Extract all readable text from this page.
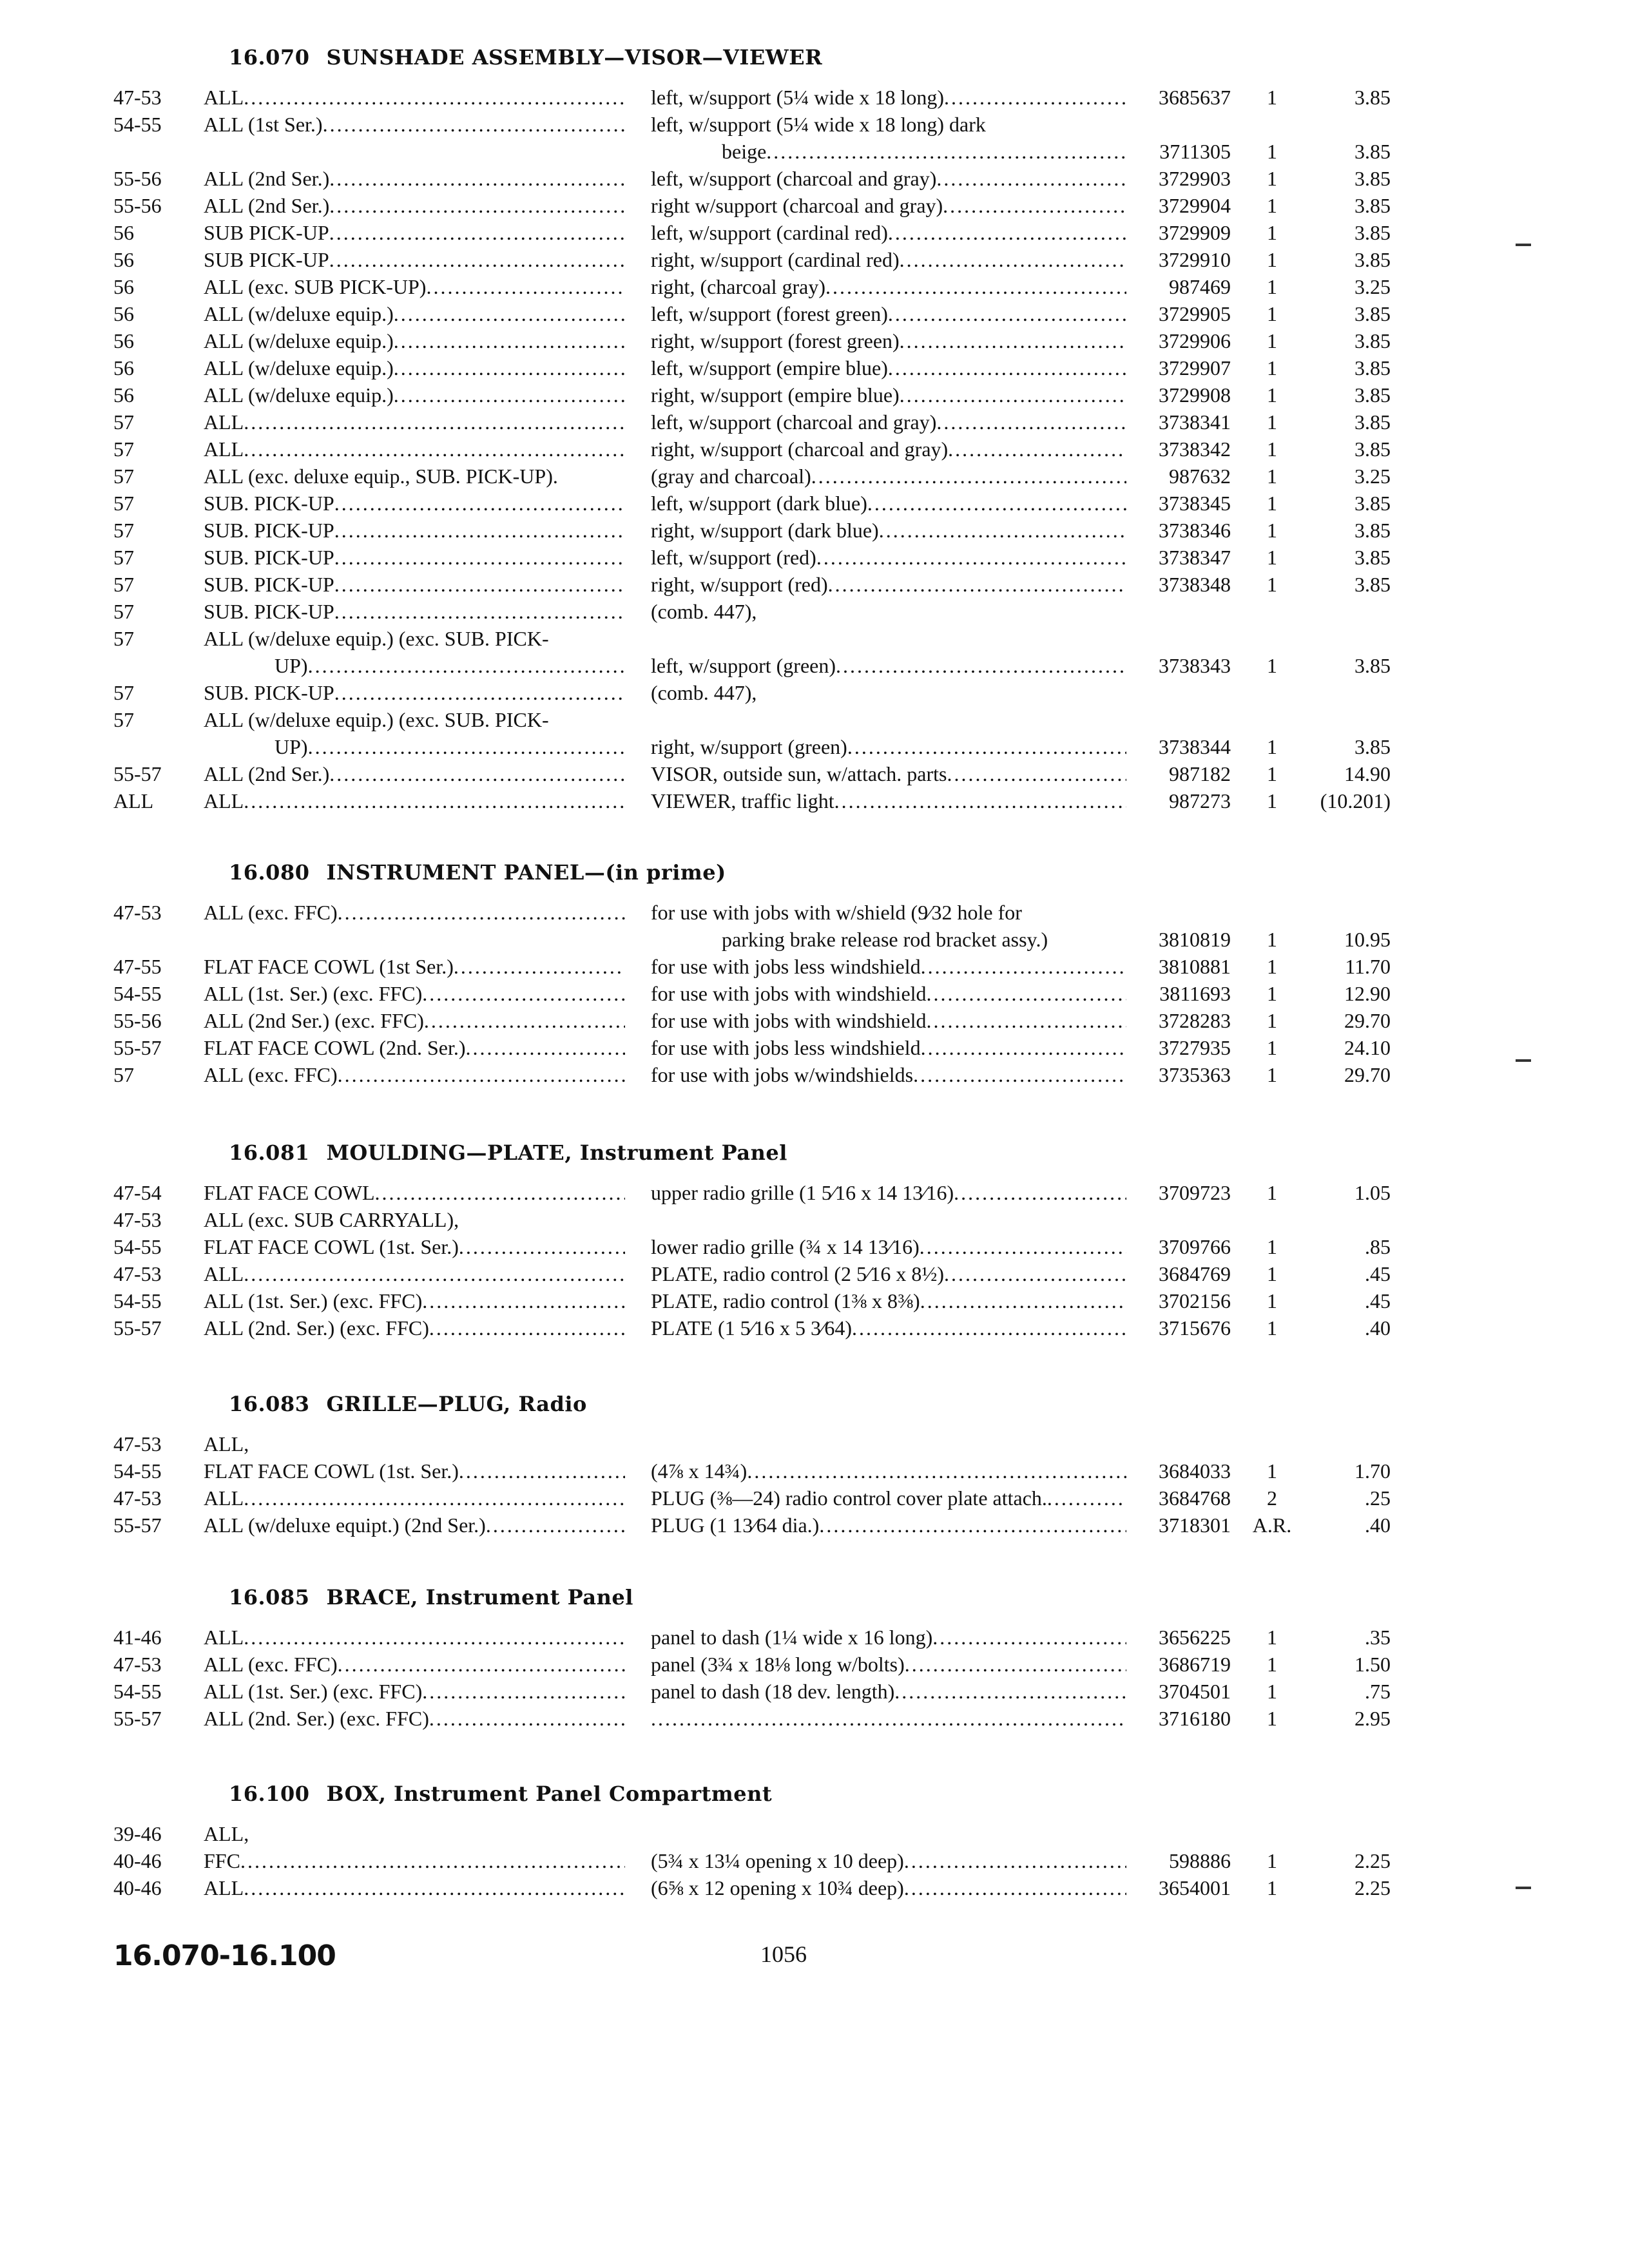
16.070 SUNSHADE ASSEMBLY—VISOR—VIEWER
47-53	ALL
.....	left, w/support (5¼ wide x 18 long)
.....	3685637	1	3.85
54-55	ALL (1st Ser.)
.....	left, w/support (5¼ wide x 18 long) dark
beige
.....	3711305	1	3.85
55-56	ALL (2nd Ser.)
.....	left, w/support (charcoal and gray)
.....	3729903	1	3.85
55-56	ALL (2nd Ser.)
.....	right w/support (charcoal and gray)
.....	3729904	1	3.85
56	SUB PICK-UP
.....	left, w/support (cardinal red)
.....	3729909	1	3.85
56	SUB PICK-UP
.....	right, w/support (cardinal red)
.....	3729910	1	3.85
56	ALL (exc. SUB PICK-UP)
.....	right, (charcoal gray)
.....	987469	1	3.25
56	ALL (w/deluxe equip.)
.....	left, w/support (forest green)
.....	3729905	1	3.85
56	ALL (w/deluxe equip.)
.....	right, w/support (forest green)
.....	3729906	1	3.85
56	ALL (w/deluxe equip.)
.....	left, w/support (empire blue)
.....	3729907	1	3.85
56	ALL (w/deluxe equip.)
.....	right, w/support (empire blue)
.....	3729908	1	3.85
57	ALL
.....	left, w/support (charcoal and gray)
.....	3738341	1	3.85
57	ALL
.....	right, w/support (charcoal and gray)
.....	3738342	1	3.85
57	ALL (exc. deluxe equip., SUB. PICK-UP).	(gray and charcoal)
.....	987632	1	3.25
57	SUB. PICK-UP
.....	left, w/support (dark blue)
.....	3738345	1	3.85
57	SUB. PICK-UP
.....	right, w/support (dark blue)
.....	3738346	1	3.85
57	SUB. PICK-UP
.....	left, w/support (red)
.....	3738347	1	3.85
57	SUB. PICK-UP
.....	right, w/support (red)
.....	3738348	1	3.85
57	SUB. PICK-UP
.....	(comb. 447),
57	ALL (w/deluxe equip.) (exc. SUB. PICK-
UP)
.....	left, w/support (green)
.....	3738343	1	3.85
57	SUB. PICK-UP
.....	(comb. 447),
57	ALL (w/deluxe equip.) (exc. SUB. PICK-
UP)
.....	right, w/support (green)
.....	3738344	1	3.85
55-57	ALL (2nd Ser.)
.....	VISOR, outside sun, w/attach. parts
.....	987182	1	14.90
ALL	ALL
.....	VIEWER, traffic light
.....	987273	1	(10.201)
16.080 INSTRUMENT PANEL—(in prime)
47-53	ALL (exc. FFC)
.....	for use with jobs with w/shield (9⁄32 hole for
parking brake release rod bracket assy.)	3810819	1	10.95
47-55	FLAT FACE COWL (1st Ser.)
.....	for use with jobs less windshield
.....	3810881	1	11.70
54-55	ALL (1st. Ser.) (exc. FFC)
.....	for use with jobs with windshield
.....	3811693	1	12.90
55-56	ALL (2nd Ser.) (exc. FFC)
.....	for use with jobs with windshield
.....	3728283	1	29.70
55-57	FLAT FACE COWL (2nd. Ser.)
.....	for use with jobs less windshield
.....	3727935	1	24.10
57	ALL (exc. FFC)
.....	for use with jobs w/windshields
.....	3735363	1	29.70
16.081 MOULDING—PLATE, Instrument Panel
47-54	FLAT FACE COWL
.....	upper radio grille (1 5⁄16 x 14 13⁄16)
.....	3709723	1	1.05
47-53	ALL (exc. SUB CARRYALL),
54-55	FLAT FACE COWL (1st. Ser.)
.....	lower radio grille (¾ x 14 13⁄16)
.....	3709766	1	.85
47-53	ALL
.....	PLATE, radio control (2 5⁄16 x 8½)
.....	3684769	1	.45
54-55	ALL (1st. Ser.) (exc. FFC)
.....	PLATE, radio control (1⅜ x 8⅜)
.....	3702156	1	.45
55-57	ALL (2nd. Ser.) (exc. FFC)
.....	PLATE (1 5⁄16 x 5 3⁄64)
.....	3715676	1	.40
16.083 GRILLE—PLUG, Radio
47-53	ALL,
54-55	FLAT FACE COWL (1st. Ser.)
.....	(4⅞ x 14¾)
.....	3684033	1	1.70
47-53	ALL
.....	PLUG (⅜—24) radio control cover plate attach.
.....	3684768	2	.25
55-57	ALL (w/deluxe equipt.) (2nd Ser.)
.....	PLUG (1 13⁄64 dia.)
.....	3718301	A.R.	.40
16.085 BRACE, Instrument Panel
41-46	ALL
.....	panel to dash (1¼ wide x 16 long)
.....	3656225	1	.35
47-53	ALL (exc. FFC)
.....	panel (3¾ x 18⅛ long w/bolts)
.....	3686719	1	1.50
54-55	ALL (1st. Ser.) (exc. FFC)
.....	panel to dash (18 dev. length)
.....	3704501	1	.75
55-57	ALL (2nd. Ser.) (exc. FFC)
.....
.....	3716180	1	2.95
16.100 BOX, Instrument Panel Compartment
39-46	ALL,
40-46	FFC
.....	(5¾ x 13¼ opening x 10 deep)
.....	598886	1	2.25
40-46	ALL
.....	(6⅝ x 12 opening x 10¾ deep)
.....	3654001	1	2.25
16.070-16.100	1056
